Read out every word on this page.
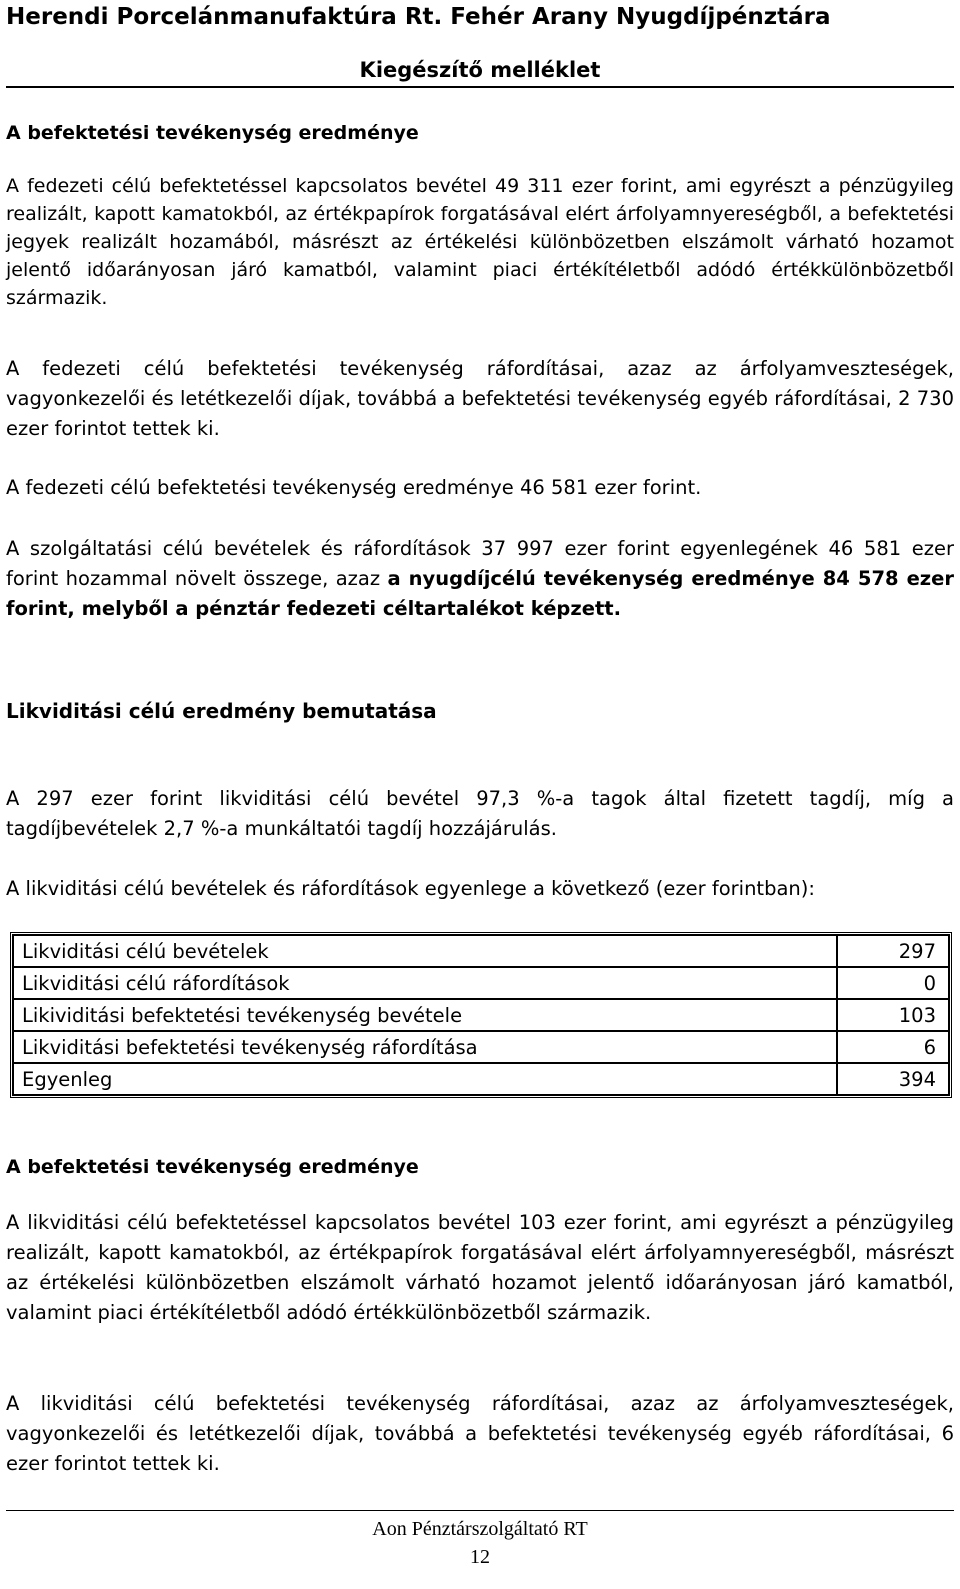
Herendi Porcelánmanufaktúra Rt. Fehér Arany Nyugdíjpénztára
Kiegészítő melléklet
A befektetési tevékenység eredménye
A fedezeti célú befektetéssel kapcsolatos bevétel 49 311 ezer forint, ami egyrészt a pénzügyileg realizált, kapott kamatokból, az értékpapírok forgatásával elért árfolyamnyereségből, a befektetési jegyek realizált hozamából, másrészt az értékelési különbözetben elszámolt várható hozamot jelentő időarányosan járó kamatból, valamint piaci értékítéletből adódó értékkülönbözetből származik.
A fedezeti célú befektetési tevékenység ráfordításai, azaz az árfolyamveszteségek, vagyonkezelői és letétkezelői díjak, továbbá a befektetési tevékenység egyéb ráfordításai, 2 730 ezer forintot tettek ki.
A fedezeti célú befektetési tevékenység eredménye 46 581 ezer forint.
A szolgáltatási célú bevételek és ráfordítások 37 997 ezer forint egyenlegének 46 581 ezer forint hozammal növelt összege, azaz a nyugdíjcélú tevékenység eredménye 84 578 ezer forint, melyből a pénztár fedezeti céltartalékot képzett.
Likviditási célú eredmény bemutatása
A 297 ezer forint likviditási célú bevétel 97,3 %-a tagok által fizetett tagdíj, míg a tagdíjbevételek 2,7 %-a munkáltatói tagdíj hozzájárulás.
A likviditási célú bevételek és ráfordítások egyenlege a következő (ezer forintban):
Likviditási célú bevételek	297
Likviditási célú ráfordítások	0
Likividitási befektetési tevékenység bevétele	103
Likviditási befektetési tevékenység ráfordítása	6
Egyenleg	394
A befektetési tevékenység eredménye
A likviditási célú befektetéssel kapcsolatos bevétel 103 ezer forint, ami egyrészt a pénzügyileg realizált, kapott kamatokból, az értékpapírok forgatásával elért árfolyamnyereségből, másrészt az értékelési különbözetben elszámolt várható hozamot jelentő időarányosan járó kamatból, valamint piaci értékítéletből adódó értékkülönbözetből származik.
A likviditási célú befektetési tevékenység ráfordításai, azaz az árfolyamveszteségek, vagyonkezelői és letétkezelői díjak, továbbá a befektetési tevékenység egyéb ráfordításai, 6 ezer forintot tettek ki.
Aon Pénztárszolgáltató RT
12
